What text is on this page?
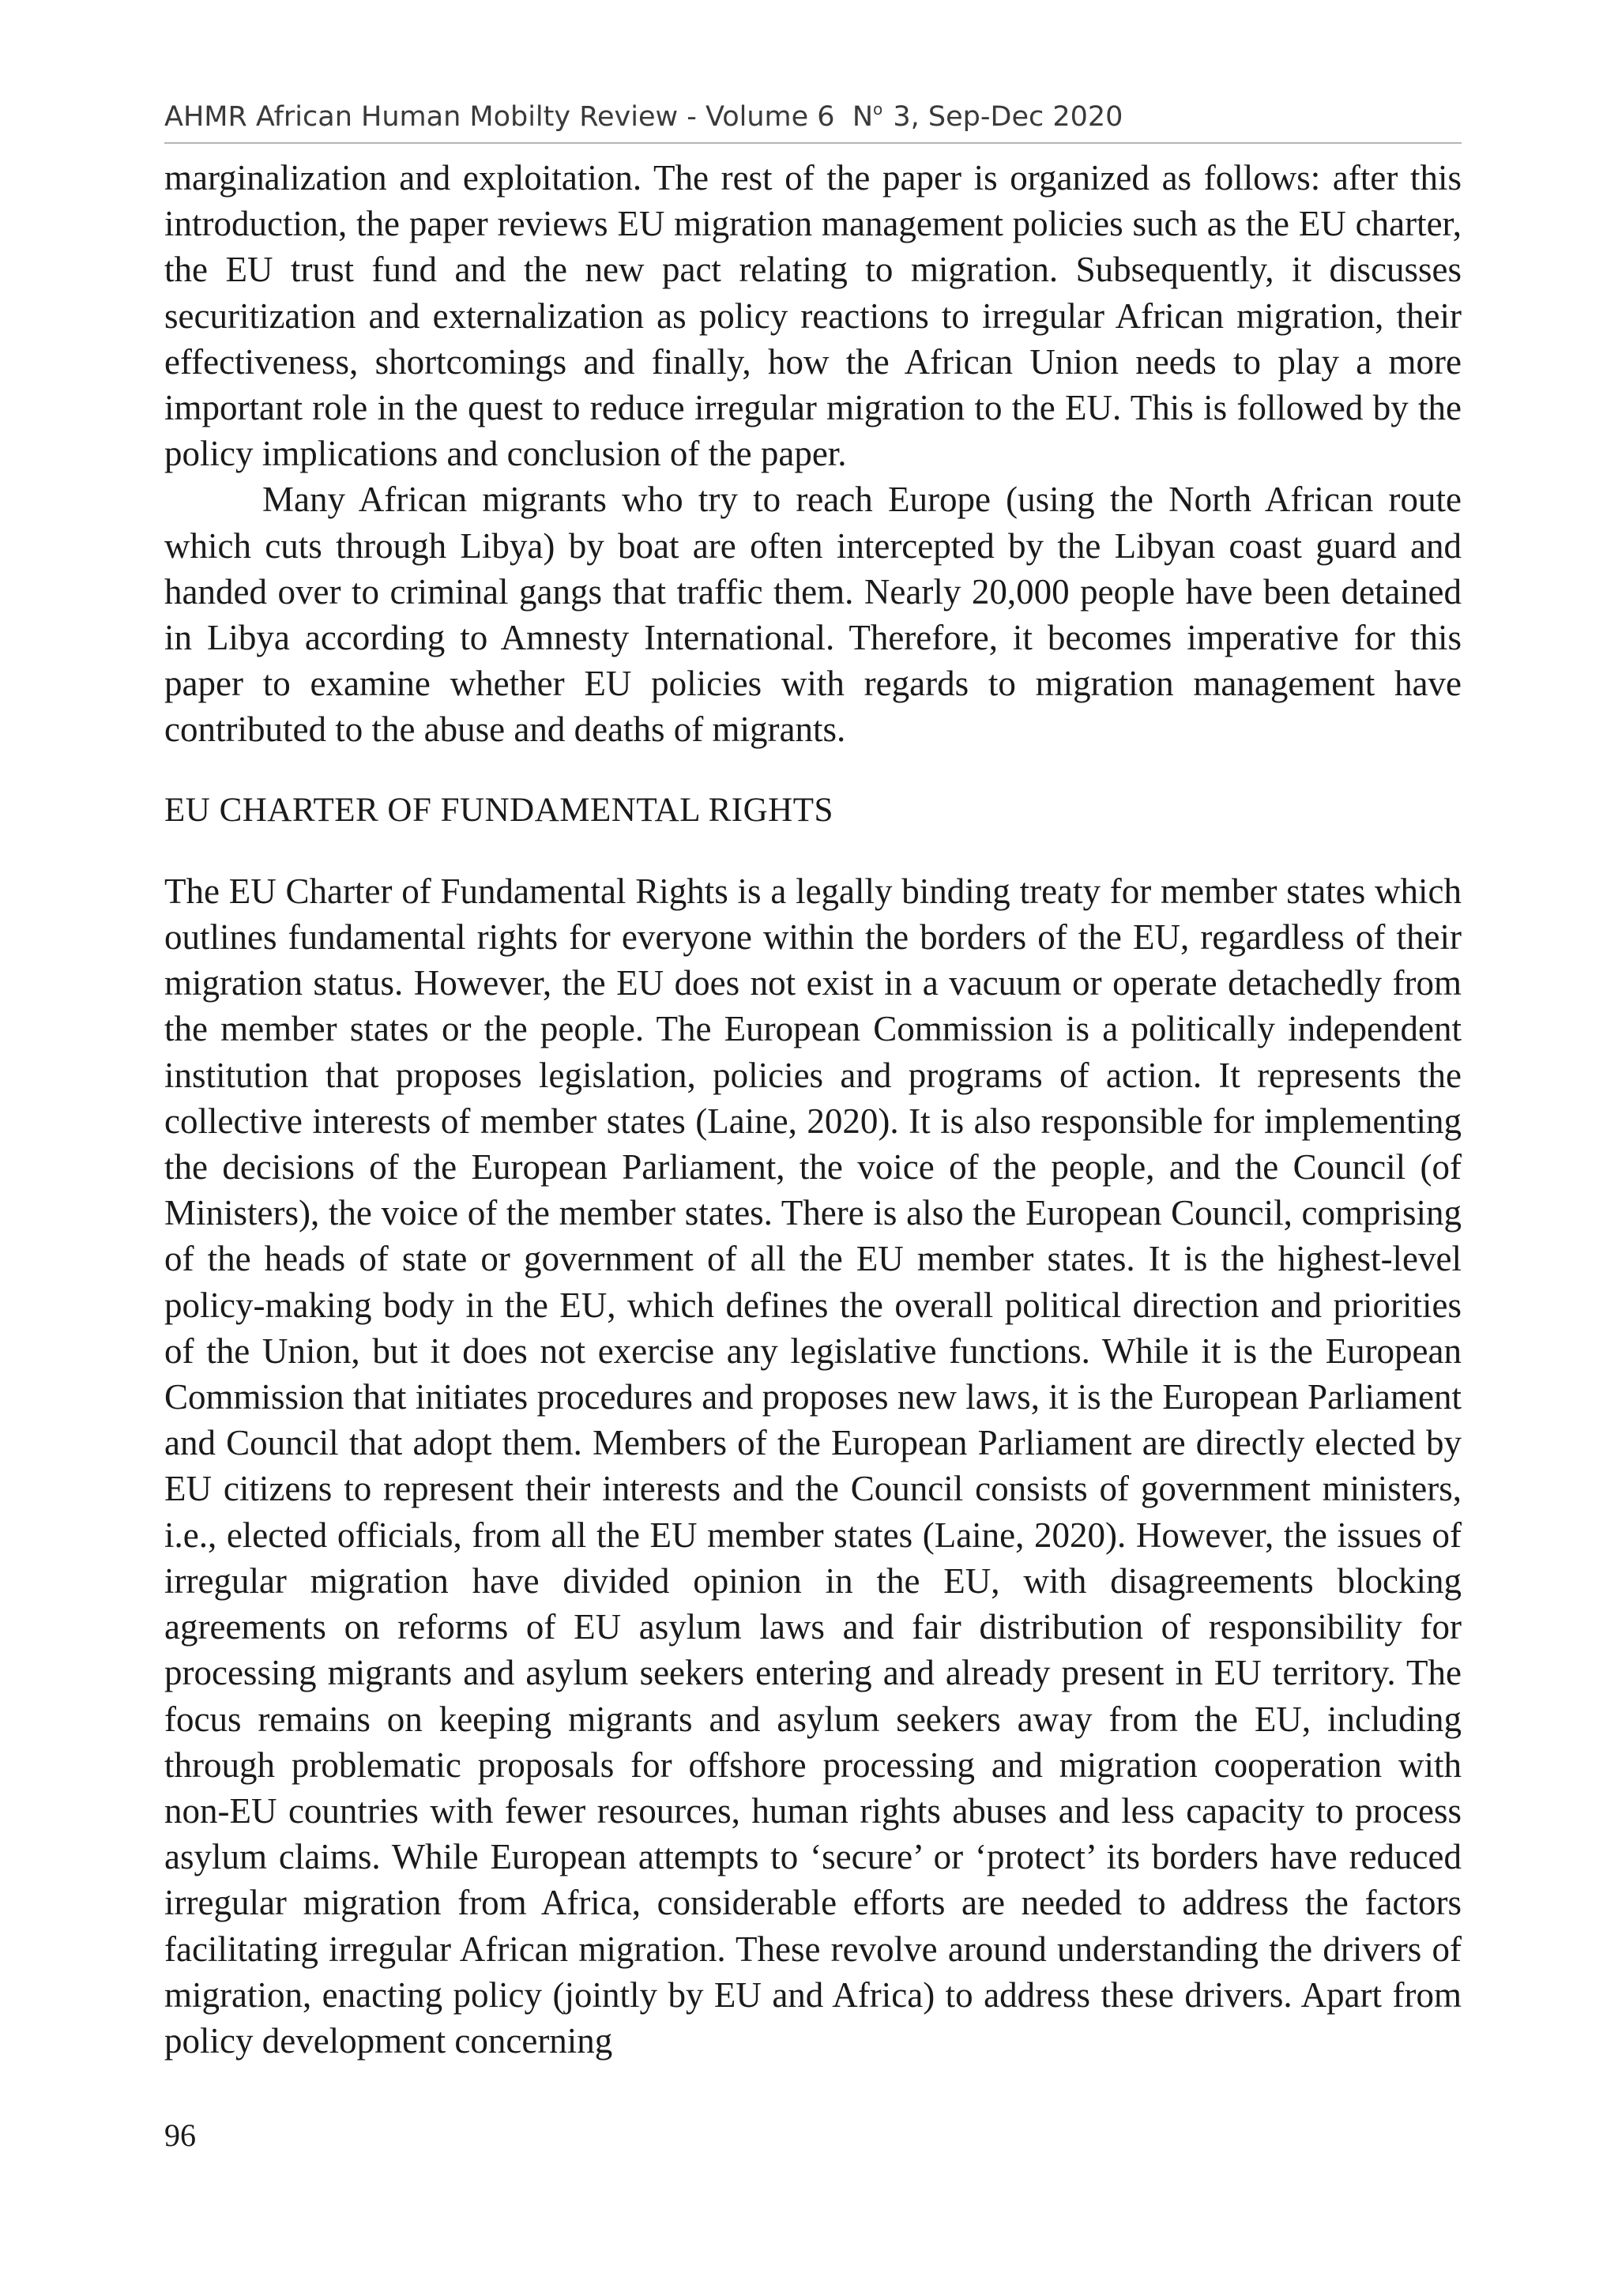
AHMR African Human Mobilty Review - Volume 6 $N^o$ 3, Sep-Dec 2020

marginalization and exploitation. The rest of the paper is organized as follows: after this introduction, the paper reviews EU migration management policies such as the EU charter, the EU trust fund and the new pact relating to migration. Subsequently, it discusses securitization and externalization as policy reactions to irregular African migration, their effectiveness, shortcomings and finally, how the African Union needs to play a more important role in the quest to reduce irregular migration to the EU. This is followed by the policy implications and conclusion of the paper.

Many African migrants who try to reach Europe (using the North African route which cuts through Libya) by boat are often intercepted by the Libyan coast guard and handed over to criminal gangs that traffic them. Nearly 20,000 people have been detained in Libya according to Amnesty International. Therefore, it becomes imperative for this paper to examine whether EU policies with regards to migration management have contributed to the abuse and deaths of migrants.

EU CHARTER OF FUNDAMENTAL RIGHTS

The EU Charter of Fundamental Rights is a legally binding treaty for member states which outlines fundamental rights for everyone within the borders of the EU, regardless of their migration status. However, the EU does not exist in a vacuum or operate detachedly from the member states or the people. The European Commission is a politically independent institution that proposes legislation, policies and programs of action. It represents the collective interests of member states (Laine, 2020). It is also responsible for implementing the decisions of the European Parliament, the voice of the people, and the Council (of Ministers), the voice of the member states. There is also the European Council, comprising of the heads of state or government of all the EU member states. It is the highest-level policy-making body in the EU, which defines the overall political direction and priorities of the Union, but it does not exercise any legislative functions. While it is the European Commission that initiates procedures and proposes new laws, it is the European Parliament and Council that adopt them. Members of the European Parliament are directly elected by EU citizens to represent their interests and the Council consists of government ministers, i.e., elected officials, from all the EU member states (Laine, 2020). However, the issues of irregular migration have divided opinion in the EU, with disagreements blocking agreements on reforms of EU asylum laws and fair distribution of responsibility for processing migrants and asylum seekers entering and already present in EU territory. The focus remains on keeping migrants and asylum seekers away from the EU, including through problematic proposals for offshore processing and migration cooperation with non-EU countries with fewer resources, human rights abuses and less capacity to process asylum claims. While European attempts to ‘secure’ or ‘protect’ its borders have reduced irregular migration from Africa, considerable efforts are needed to address the factors facilitating irregular African migration. These revolve around understanding the drivers of migration, enacting policy (jointly by EU and Africa) to address these drivers. Apart from policy development concerning

96
